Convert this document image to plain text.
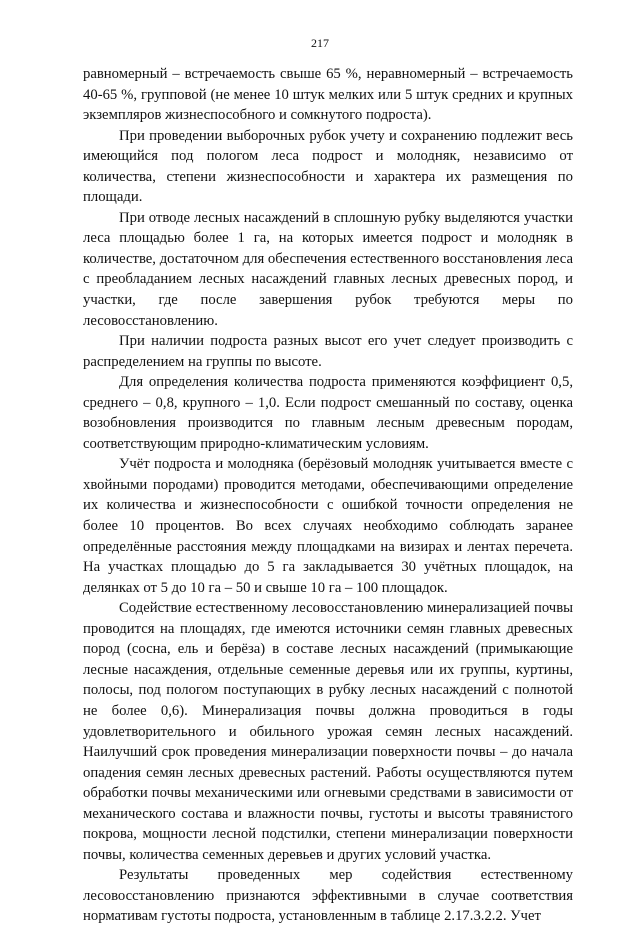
217

равномерный – встречаемость свыше 65 %, неравномерный – встречаемость 40-65 %, групповой (не менее 10 штук мелких или 5 штук средних и крупных экземпляров жизнеспособного и сомкнутого подроста).

При проведении выборочных рубок учету и сохранению подлежит весь имеющийся под пологом леса подрост и молодняк, независимо от количества, степени жизнеспособности и характера их размещения по площади.

При отводе лесных насаждений в сплошную рубку выделяются участки леса площадью более 1 га, на которых имеется подрост и молодняк в количестве, достаточном для обеспечения естественного восстановления леса с преобладанием лесных насаждений главных лесных древесных пород, и участки, где после завершения рубок требуются меры по лесовосстановлению.

При наличии подроста разных высот его учет следует производить с распределением на группы по высоте.

Для определения количества подроста применяются коэффициент 0,5, среднего – 0,8, крупного – 1,0. Если подрост смешанный по составу, оценка возобновления производится по главным лесным древесным породам, соответствующим природно-климатическим условиям.

Учёт подроста и молодняка (берёзовый молодняк учитывается вместе с хвойными породами) проводится методами, обеспечивающими определение их количества и жизнеспособности с ошибкой точности определения не более 10 процентов. Во всех случаях необходимо соблюдать заранее определённые расстояния между площадками на визирах и лентах перечета. На участках площадью до 5 га закладывается 30 учётных площадок, на делянках от 5 до 10 га – 50 и свыше 10 га – 100 площадок.

Содействие естественному лесовосстановлению минерализацией почвы проводится на площадях, где имеются источники семян главных древесных пород (сосна, ель и берёза) в составе лесных насаждений (примыкающие лесные насаждения, отдельные семенные деревья или их группы, куртины, полосы, под пологом поступающих в рубку лесных насаждений с полнотой не более 0,6). Минерализация почвы должна проводиться в годы удовлетворительного и обильного урожая семян лесных насаждений. Наилучший срок проведения минерализации поверхности почвы – до начала опадения семян лесных древесных растений. Работы осуществляются путем обработки почвы механическими или огневыми средствами в зависимости от механического состава и влажности почвы, густоты и высоты травянистого покрова, мощности лесной подстилки, степени минерализации поверхности почвы, количества семенных деревьев и других условий участка.

Результаты проведенных мер содействия естественному лесовосстановлению признаются эффективными в случае соответствия нормативам густоты подроста, установленным в таблице 2.17.3.2.2. Учет
